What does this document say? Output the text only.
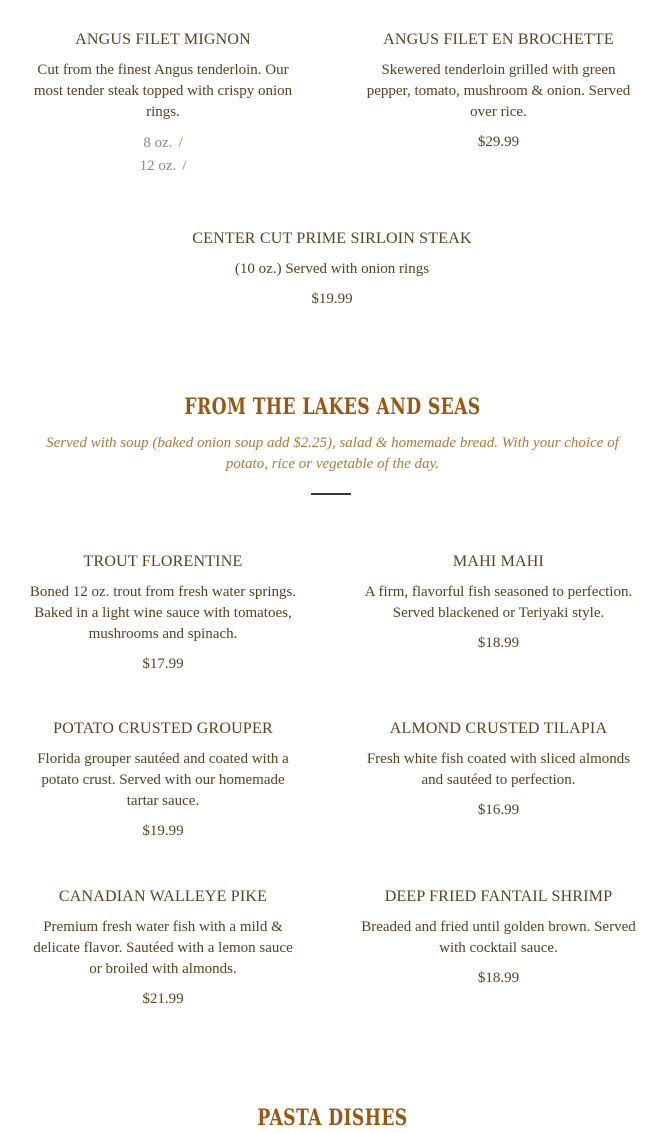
ANGUS FILET MIGNON

Cut from the finest Angus tenderloin. Our most tender steak topped with crispy onion rings.

8 oz. /
12 oz. /

ANGUS FILET EN BROCHETTE

Skewered tenderloin grilled with green pepper, tomato, mushroom & onion. Served over rice.

$29.99

CENTER CUT PRIME SIRLOIN STEAK

(10 oz.) Served with onion rings

$19.99

FROM THE LAKES AND SEAS

Served with soup (baked onion soup add $2.25), salad & homemade bread. With your choice of potato, rice or vegetable of the day.

TROUT FLORENTINE

Boned 12 oz. trout from fresh water springs. Baked in a light wine sauce with tomatoes, mushrooms and spinach.

$17.99

MAHI MAHI

A firm, flavorful fish seasoned to perfection. Served blackened or Teriyaki style.

$18.99

POTATO CRUSTED GROUPER

Florida grouper sautéed and coated with a potato crust. Served with our homemade tartar sauce.

$19.99

ALMOND CRUSTED TILAPIA

Fresh white fish coated with sliced almonds and sautéed to perfection.

$16.99

CANADIAN WALLEYE PIKE

Premium fresh water fish with a mild & delicate flavor. Sautéed with a lemon sauce or broiled with almonds.

$21.99

DEEP FRIED FANTAIL SHRIMP

Breaded and fried until golden brown. Served with cocktail sauce.

$18.99

PASTA DISHES
